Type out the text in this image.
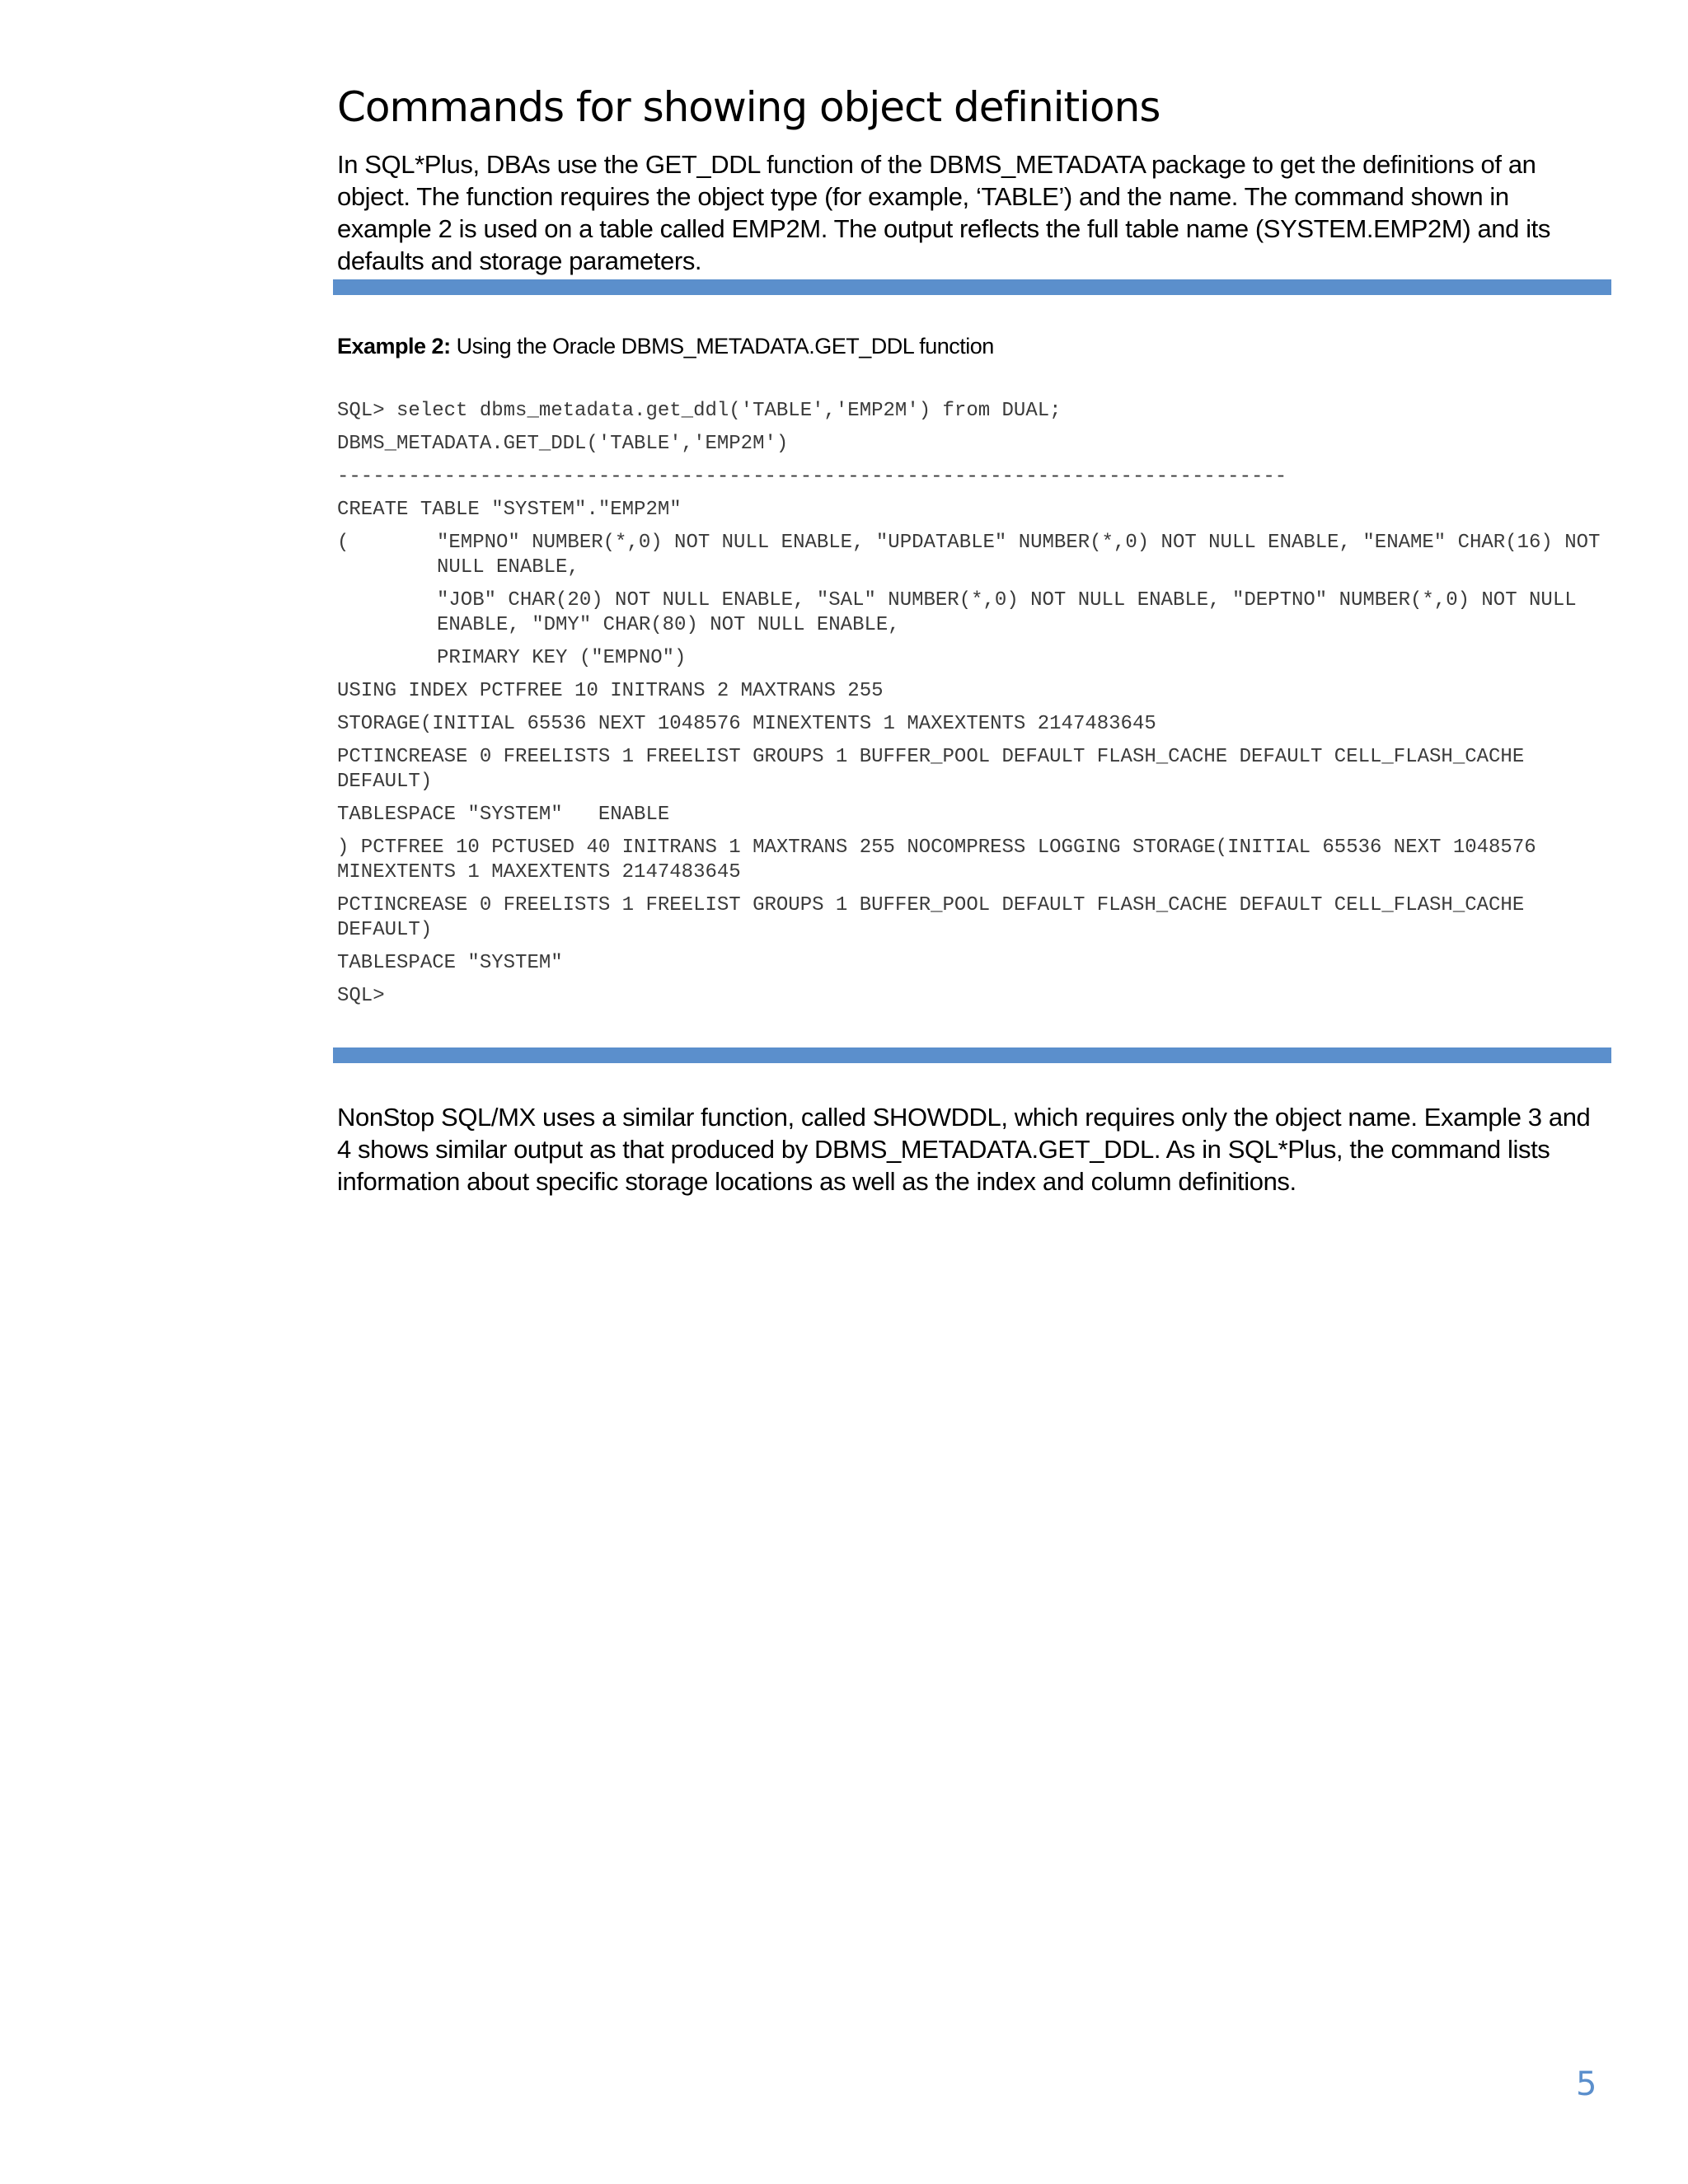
Commands for showing object definitions

In SQL*Plus, DBAs use the GET_DDL function of the DBMS_METADATA package to get the definitions of an object. The function requires the object type (for example, ‘TABLE’) and the name. The command shown in example 2 is used on a table called EMP2M. The output reflects the full table name (SYSTEM.EMP2M) and its defaults and storage parameters.

Example 2: Using the Oracle DBMS_METADATA.GET_DDL function

SQL> select dbms_metadata.get_ddl('TABLE','EMP2M') from DUAL;
DBMS_METADATA.GET_DDL('TABLE','EMP2M')
--------------------------------------------------------------------------------
CREATE TABLE "SYSTEM"."EMP2M"
(	"EMPNO" NUMBER(*,0) NOT NULL ENABLE, "UPDATABLE" NUMBER(*,0) NOT NULL ENABLE, "ENAME" CHAR(16) NOT NULL ENABLE,
"JOB" CHAR(20) NOT NULL ENABLE, "SAL" NUMBER(*,0) NOT NULL ENABLE, "DEPTNO" NUMBER(*,0) NOT NULL ENABLE, "DMY" CHAR(80) NOT NULL ENABLE,
PRIMARY KEY ("EMPNO")
USING INDEX PCTFREE 10 INITRANS 2 MAXTRANS 255
STORAGE(INITIAL 65536 NEXT 1048576 MINEXTENTS 1 MAXEXTENTS 2147483645
PCTINCREASE 0 FREELISTS 1 FREELIST GROUPS 1 BUFFER_POOL DEFAULT FLASH_CACHE DEFAULT CELL_FLASH_CACHE DEFAULT)
TABLESPACE "SYSTEM"   ENABLE
) PCTFREE 10 PCTUSED 40 INITRANS 1 MAXTRANS 255 NOCOMPRESS LOGGING STORAGE(INITIAL 65536 NEXT 1048576 MINEXTENTS 1 MAXEXTENTS 2147483645
PCTINCREASE 0 FREELISTS 1 FREELIST GROUPS 1 BUFFER_POOL DEFAULT FLASH_CACHE DEFAULT CELL_FLASH_CACHE DEFAULT)
TABLESPACE "SYSTEM"
SQL>

NonStop SQL/MX uses a similar function, called SHOWDDL, which requires only the object name. Example 3 and 4 shows similar output as that produced by DBMS_METADATA.GET_DDL. As in SQL*Plus, the command lists information about specific storage locations as well as the index and column definitions.

5
